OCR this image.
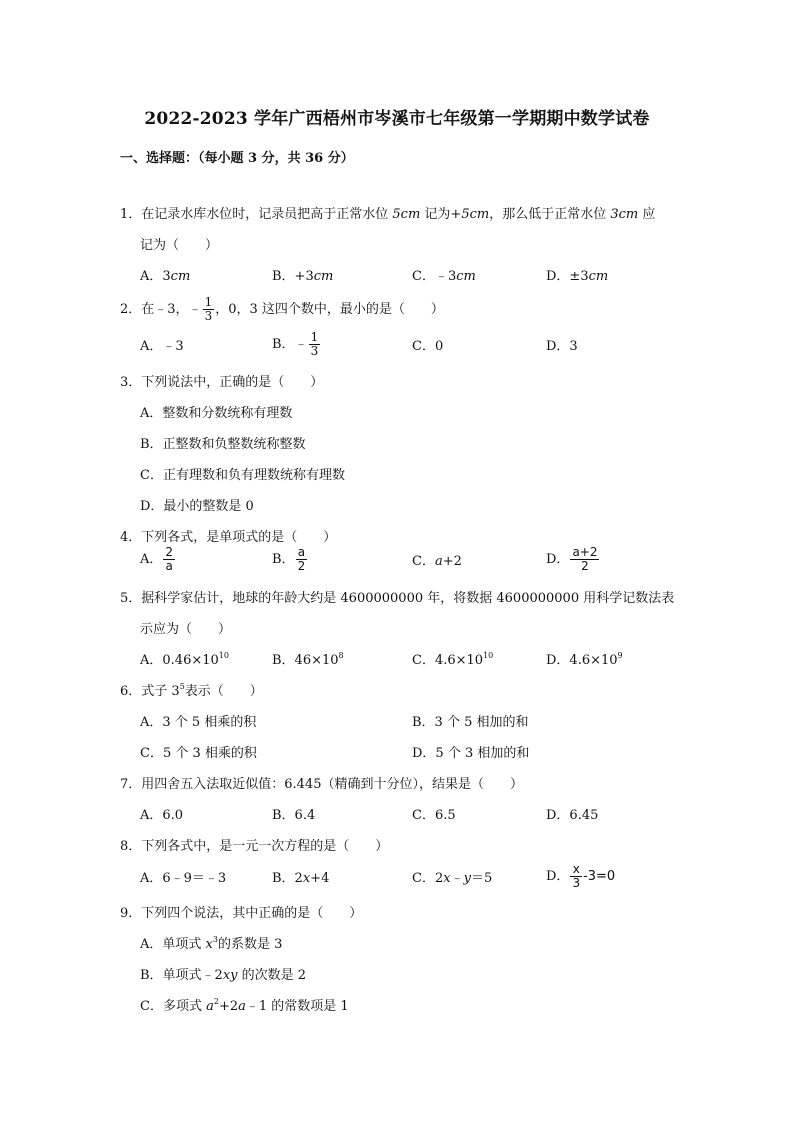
2022-2023 学年广西梧州市岑溪市七年级第一学期期中数学试卷
一、选择题：（每小题 3 分，共 36 分）
1．在记录水库水位时，记录员把高于正常水位 5cm 记为+5cm，那么低于正常水位 3cm 应
记为（　　）
A．3cm	B．+3cm	C．﹣3cm	D．±3cm
2．在﹣3，﹣ $\frac{1}{3}$ ，0，3 这四个数中，最小的是（　　）
A．﹣3	B．﹣ $\frac{1}{3}$	C．0	D．3
3．下列说法中，正确的是（　　）
A．整数和分数统称有理数
B．正整数和负整数统称整数
C．正有理数和负有理数统称有理数
D．最小的整数是 0
4．下列各式，是单项式的是（　　）
A． $\frac{2}{a}$	B． $\frac{a}{2}$	C．a+2	D． $\frac{a+2}{2}$
5．据科学家估计，地球的年龄大约是 4600000000 年，将数据 4600000000 用科学记数法表
示应为（　　）
A．$0.46\times 10^{10}$	B．$46\times 10^8$	C．$4.6\times 10^{10}$	D．$4.6\times 10^9$
6．式子 $3^5$表示（　　）
A．3 个 5 相乘的积	B．3 个 5 相加的和
C．5 个 3 相乘的积	D．5 个 3 相加的和
7．用四舍五入法取近似值：6.445（精确到十分位），结果是（　　）
A．6.0	B．6.4	C．6.5	D．6.45
8．下列各式中，是一元一次方程的是（　　）
A．6﹣9＝﹣3	B．2x+4	C．2x﹣y＝5	D． $\frac{x}{3} -3=0$
9．下列四个说法，其中正确的是（　　）
A．单项式 $x^3$的系数是 3
B．单项式﹣2xy 的次数是 2
C．多项式 $a^2+2a﹣1$ 的常数项是 1
